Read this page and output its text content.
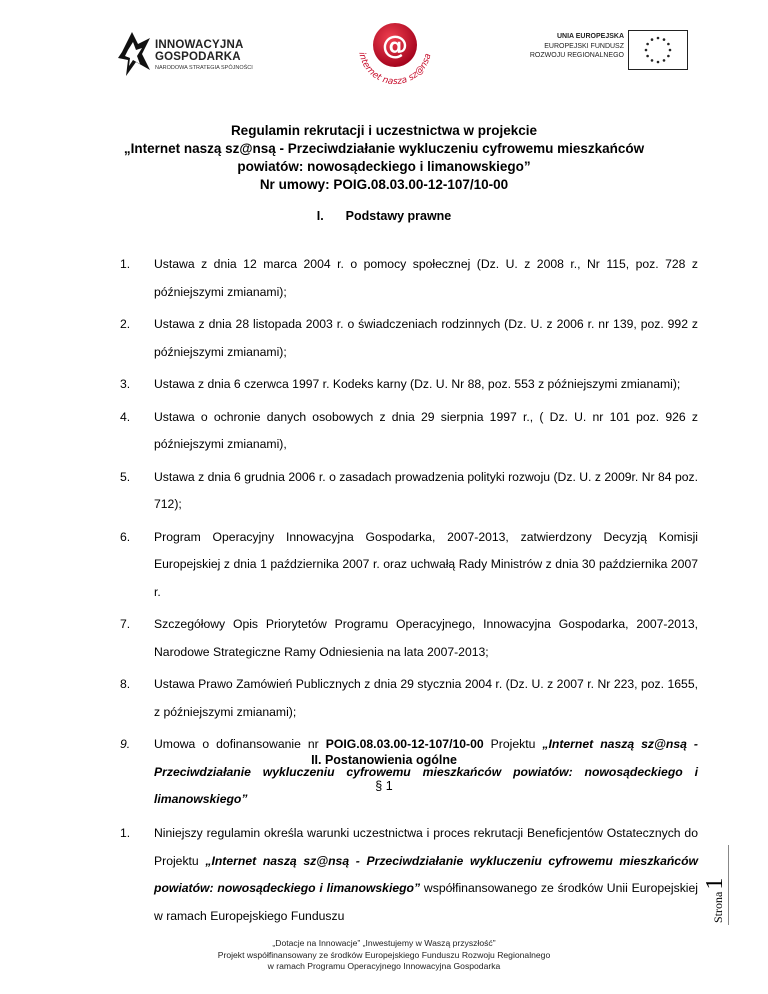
INNOWACYJNA
GOSPODARKA
NARODOWA STRATEGIA SPÓJNOŚCI
@
internet nasza sz@nsa
UNIA EUROPEJSKA
EUROPEJSKI FUNDUSZ
ROZWOJU REGIONALNEGO
Regulamin rekrutacji i uczestnictwa w projekcie
„Internet naszą sz@nsą - Przeciwdziałanie wykluczeniu cyfrowemu mieszkańców
powiatów: nowosądeckiego i limanowskiego”
Nr umowy: POIG.08.03.00-12-107/10-00
I. Podstawy prawne
1. Ustawa z dnia 12 marca 2004 r. o pomocy społecznej (Dz. U. z 2008 r., Nr 115, poz. 728 z późniejszymi zmianami);

2. Ustawa z dnia 28 listopada 2003 r. o świadczeniach rodzinnych (Dz. U. z 2006 r. nr 139, poz. 992 z późniejszymi zmianami);

3. Ustawa z dnia 6 czerwca 1997 r. Kodeks karny (Dz. U. Nr 88, poz. 553 z późniejszymi zmianami);

4. Ustawa o ochronie danych osobowych z dnia 29 sierpnia 1997 r., ( Dz. U. nr 101 poz. 926 z późniejszymi zmianami),

5. Ustawa z dnia 6 grudnia 2006 r. o zasadach prowadzenia polityki rozwoju (Dz. U. z 2009r. Nr 84 poz. 712);

6. Program Operacyjny Innowacyjna Gospodarka, 2007-2013, zatwierdzony Decyzją Komisji Europejskiej z dnia 1 października 2007 r. oraz uchwałą Rady Ministrów z dnia 30 października 2007 r.

7. Szczegółowy Opis Priorytetów Programu Operacyjnego, Innowacyjna Gospodarka, 2007-2013, Narodowe Strategiczne Ramy Odniesienia na lata 2007-2013;

8. Ustawa Prawo Zamówień Publicznych z dnia 29 stycznia 2004 r. (Dz. U. z 2007 r. Nr 223, poz. 1655, z późniejszymi zmianami);

9. Umowa o dofinansowanie nr POIG.08.03.00-12-107/10-00 Projektu „Internet naszą sz@nsą - Przeciwdziałanie wykluczeniu cyfrowemu mieszkańców powiatów: nowosądeckiego i limanowskiego”

II. Postanowienia ogólne
§ 1
1. Niniejszy regulamin określa warunki uczestnictwa i proces rekrutacji Beneficjentów Ostatecznych do Projektu „Internet naszą sz@nsą - Przeciwdziałanie wykluczeniu cyfrowemu mieszkańców powiatów: nowosądeckiego i limanowskiego” współfinansowanego ze środków Unii Europejskiej w ramach Europejskiego Funduszu	Strona1
„Dotacje na Innowacje” „Inwestujemy w Waszą przyszłość”
Projekt współfinansowany ze środków Europejskiego Funduszu Rozwoju Regionalnego
w ramach Programu Operacyjnego Innowacyjna Gospodarka
